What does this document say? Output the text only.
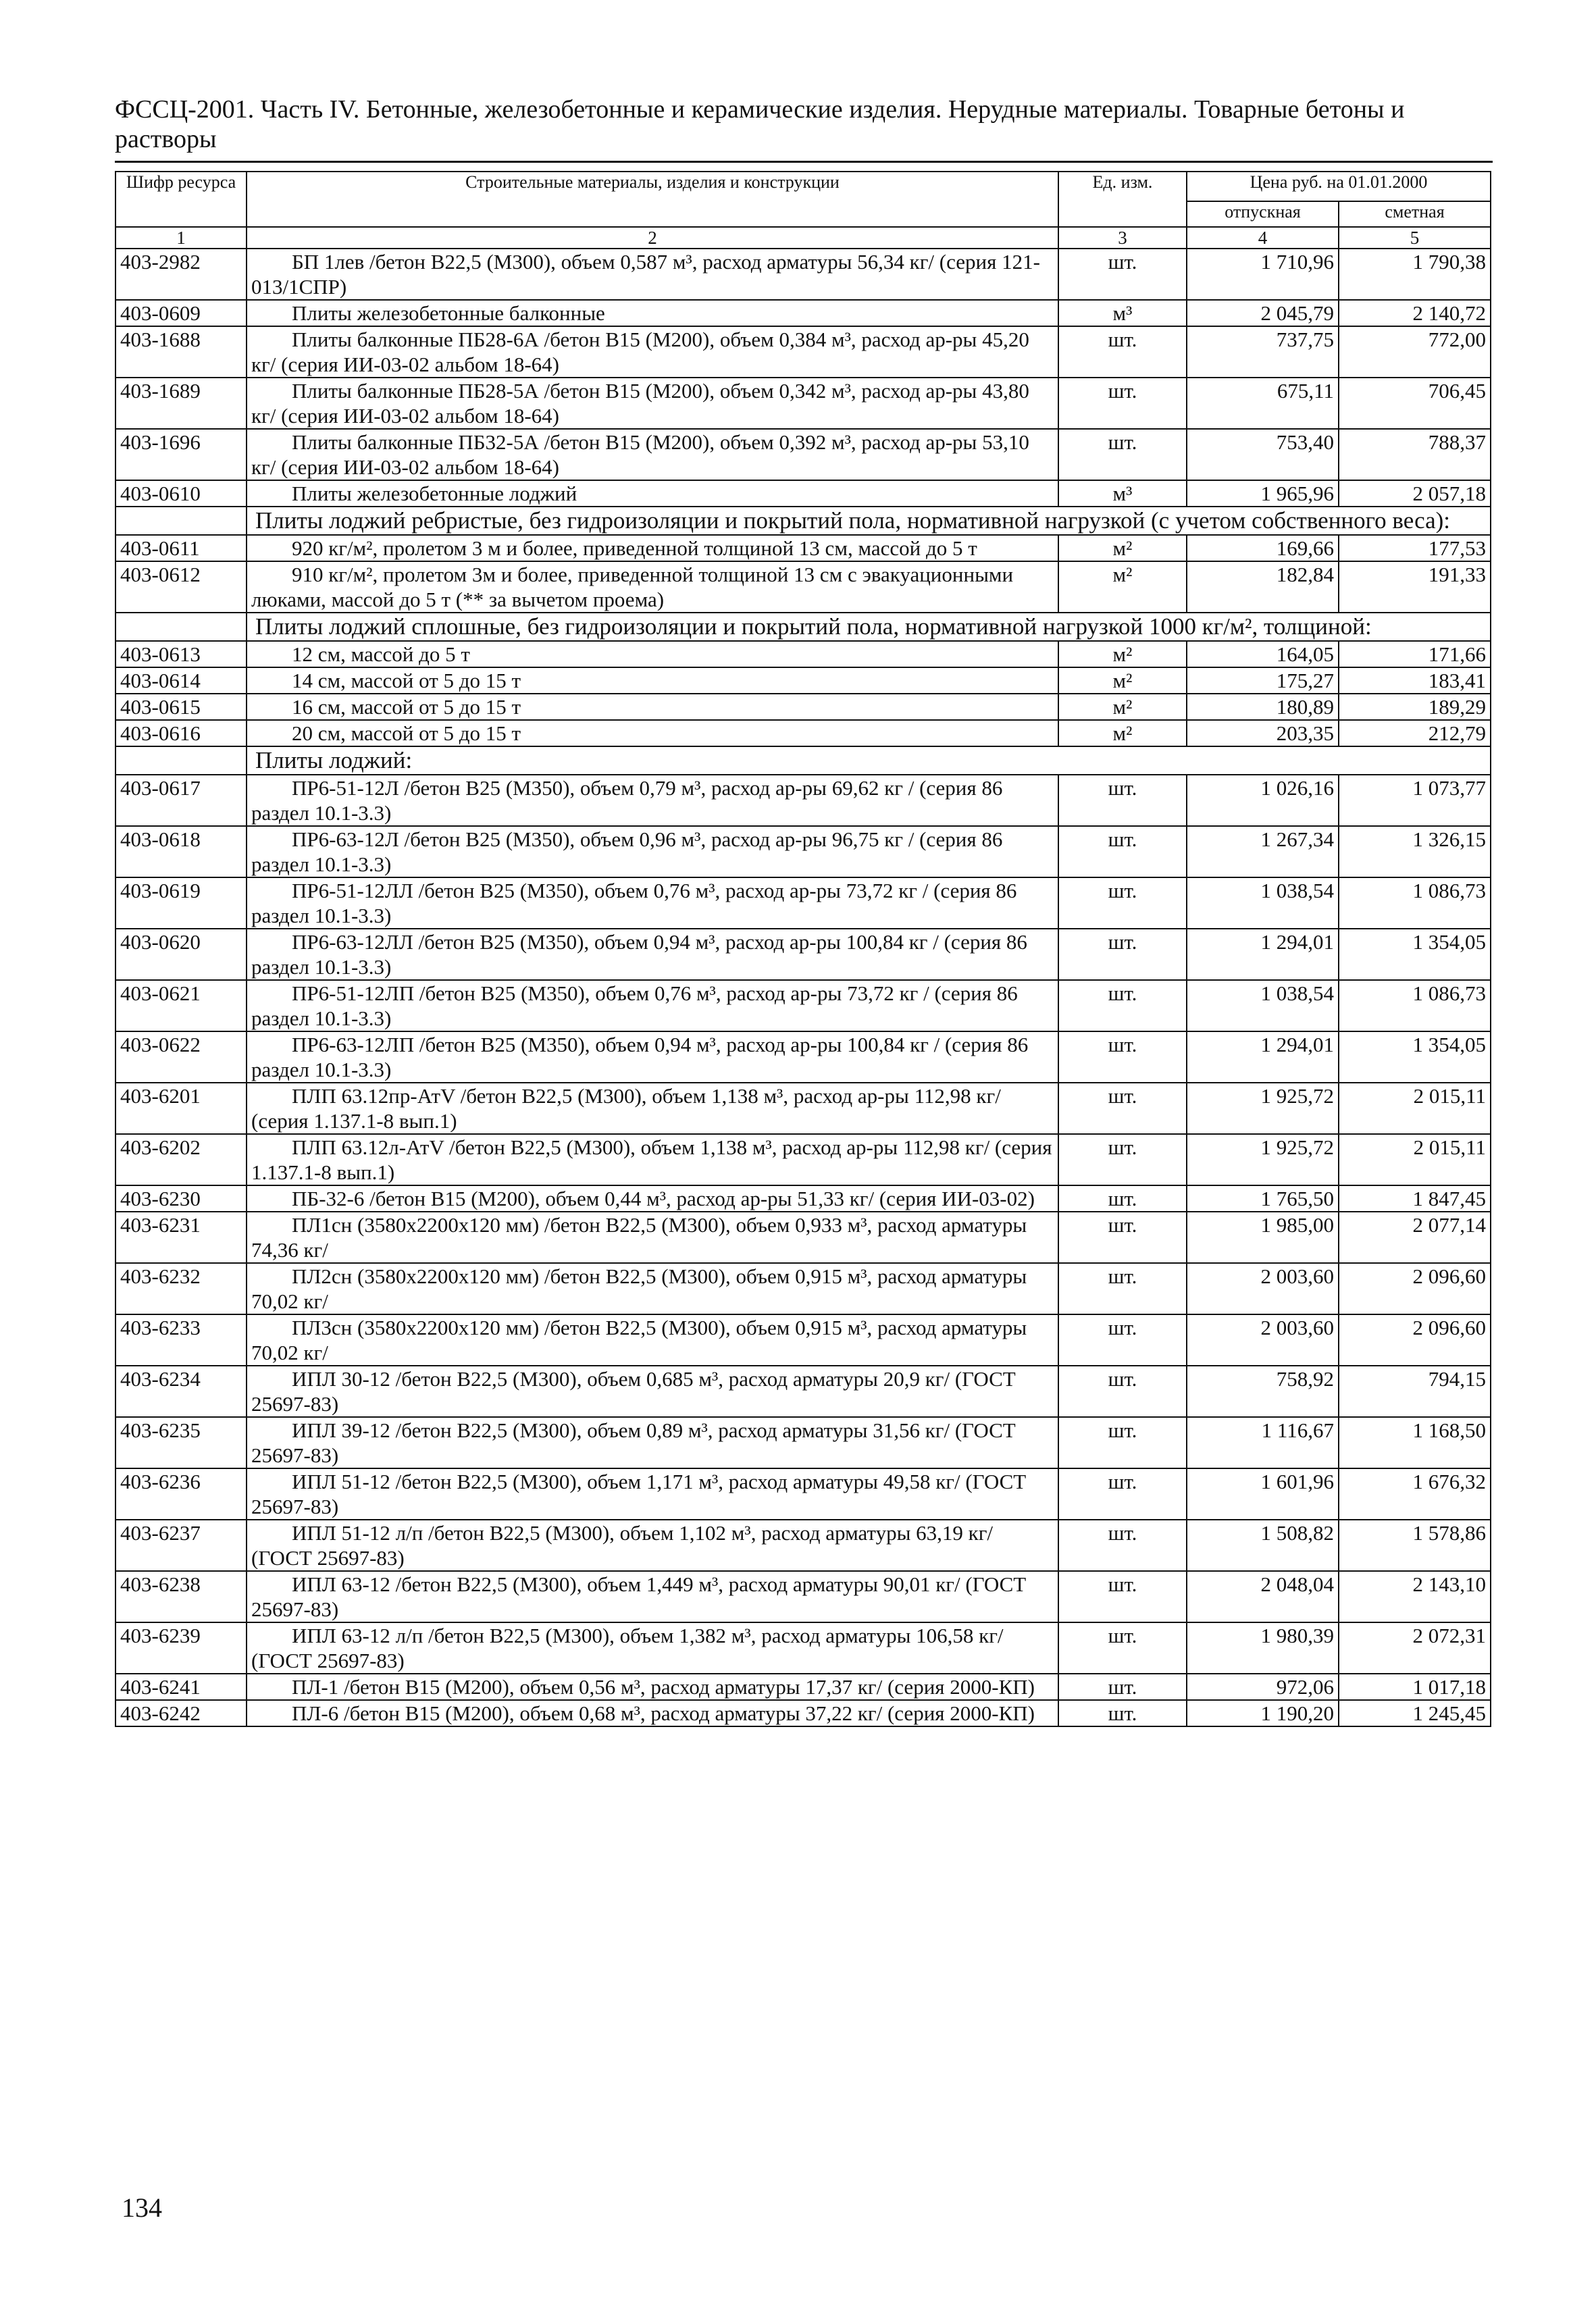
ФССЦ-2001. Часть IV. Бетонные, железобетонные и керамические изделия. Нерудные материалы. Товарные бетоны и растворы
Шифр ресурса	Строительные материалы, изделия и конструкции	Ед. изм.	Цена руб. на 01.01.2000	
			отпускная	сметная
1	2	3	4	5
403-2982	БП 1лев /бетон B22,5 (М300), объем 0,587 м³, расход арматуры 56,34 кг/ (серия 121-013/1СПР)	шт.	1 710,96	1 790,38
403-0609	Плиты железобетонные балконные	м³	2 045,79	2 140,72
403-1688	Плиты балконные ПБ28-6А /бетон B15 (М200), объем 0,384 м³, расход ар-ры 45,20 кг/ (серия ИИ-03-02 альбом 18-64)	шт.	737,75	772,00
403-1689	Плиты балконные ПБ28-5А /бетон B15 (М200), объем 0,342 м³, расход ар-ры 43,80 кг/ (серия ИИ-03-02 альбом 18-64)	шт.	675,11	706,45
403-1696	Плиты балконные ПБ32-5А /бетон B15 (М200), объем 0,392 м³, расход ар-ры 53,10 кг/ (серия ИИ-03-02 альбом 18-64)	шт.	753,40	788,37
403-0610	Плиты железобетонные лоджий	м³	1 965,96	2 057,18
	Плиты лоджий ребристые, без гидроизоляции и покрытий пола, нормативной нагрузкой (с учетом собственного веса):			
403-0611	920 кг/м², пролетом 3 м и более, приведенной толщиной 13 см, массой до 5 т	м²	169,66	177,53
403-0612	910 кг/м², пролетом 3м и более, приведенной толщиной 13 см с эвакуационными люками, массой до 5 т (** за вычетом проема)	м²	182,84	191,33
	Плиты лоджий сплошные, без гидроизоляции и покрытий пола, нормативной нагрузкой 1000 кг/м², толщиной:			
403-0613	12 см, массой до 5 т	м²	164,05	171,66
403-0614	14 см, массой от 5 до 15 т	м²	175,27	183,41
403-0615	16 см, массой от 5 до 15 т	м²	180,89	189,29
403-0616	20 см, массой от 5 до 15 т	м²	203,35	212,79
	Плиты лоджий:			
403-0617	ПР6-51-12Л /бетон B25 (М350), объем 0,79 м³, расход ар-ры 69,62 кг / (серия 86 раздел 10.1-3.3)	шт.	1 026,16	1 073,77
403-0618	ПР6-63-12Л /бетон B25 (М350), объем 0,96 м³, расход ар-ры 96,75 кг / (серия 86 раздел 10.1-3.3)	шт.	1 267,34	1 326,15
403-0619	ПР6-51-12ЛЛ /бетон B25 (М350), объем 0,76 м³, расход ар-ры 73,72 кг / (серия 86 раздел 10.1-3.3)	шт.	1 038,54	1 086,73
403-0620	ПР6-63-12ЛЛ /бетон B25 (М350), объем 0,94 м³, расход ар-ры 100,84 кг / (серия 86 раздел 10.1-3.3)	шт.	1 294,01	1 354,05
403-0621	ПР6-51-12ЛП /бетон B25 (М350), объем 0,76 м³, расход ар-ры 73,72 кг / (серия 86 раздел 10.1-3.3)	шт.	1 038,54	1 086,73
403-0622	ПР6-63-12ЛП /бетон B25 (М350), объем 0,94 м³, расход ар-ры 100,84 кг / (серия 86 раздел 10.1-3.3)	шт.	1 294,01	1 354,05
403-6201	ПЛП 63.12пр-АтV /бетон B22,5 (М300), объем 1,138 м³, расход ар-ры 112,98 кг/ (серия 1.137.1-8 вып.1)	шт.	1 925,72	2 015,11
403-6202	ПЛП 63.12л-АтV /бетон B22,5 (М300), объем 1,138 м³, расход ар-ры 112,98 кг/ (серия 1.137.1-8 вып.1)	шт.	1 925,72	2 015,11
403-6230	ПБ-32-6 /бетон B15 (М200), объем 0,44 м³, расход ар-ры 51,33 кг/ (серия ИИ-03-02)	шт.	1 765,50	1 847,45
403-6231	ПЛ1сн (3580х2200х120 мм) /бетон B22,5 (М300), объем 0,933 м³, расход арматуры 74,36 кг/	шт.	1 985,00	2 077,14
403-6232	ПЛ2сн (3580х2200х120 мм) /бетон B22,5 (М300), объем 0,915 м³, расход арматуры 70,02 кг/	шт.	2 003,60	2 096,60
403-6233	ПЛ3сн (3580х2200х120 мм) /бетон B22,5 (М300), объем 0,915 м³, расход арматуры 70,02 кг/	шт.	2 003,60	2 096,60
403-6234	ИПЛ 30-12 /бетон B22,5 (М300), объем 0,685 м³, расход арматуры 20,9 кг/ (ГОСТ 25697-83)	шт.	758,92	794,15
403-6235	ИПЛ 39-12 /бетон B22,5 (М300), объем 0,89 м³, расход арматуры 31,56 кг/ (ГОСТ 25697-83)	шт.	1 116,67	1 168,50
403-6236	ИПЛ 51-12 /бетон B22,5 (М300), объем 1,171 м³, расход арматуры 49,58 кг/ (ГОСТ 25697-83)	шт.	1 601,96	1 676,32
403-6237	ИПЛ 51-12 л/п /бетон B22,5 (М300), объем 1,102 м³, расход арматуры 63,19 кг/ (ГОСТ 25697-83)	шт.	1 508,82	1 578,86
403-6238	ИПЛ 63-12 /бетон B22,5 (М300), объем 1,449 м³, расход арматуры 90,01 кг/ (ГОСТ 25697-83)	шт.	2 048,04	2 143,10
403-6239	ИПЛ 63-12 л/п /бетон B22,5 (М300), объем 1,382 м³, расход арматуры 106,58 кг/ (ГОСТ 25697-83)	шт.	1 980,39	2 072,31
403-6241	ПЛ-1 /бетон B15 (М200), объем 0,56 м³, расход арматуры 17,37 кг/ (серия 2000-КП)	шт.	972,06	1 017,18
403-6242	ПЛ-6 /бетон B15 (М200), объем 0,68 м³, расход арматуры 37,22 кг/ (серия 2000-КП)	шт.	1 190,20	1 245,45
134
